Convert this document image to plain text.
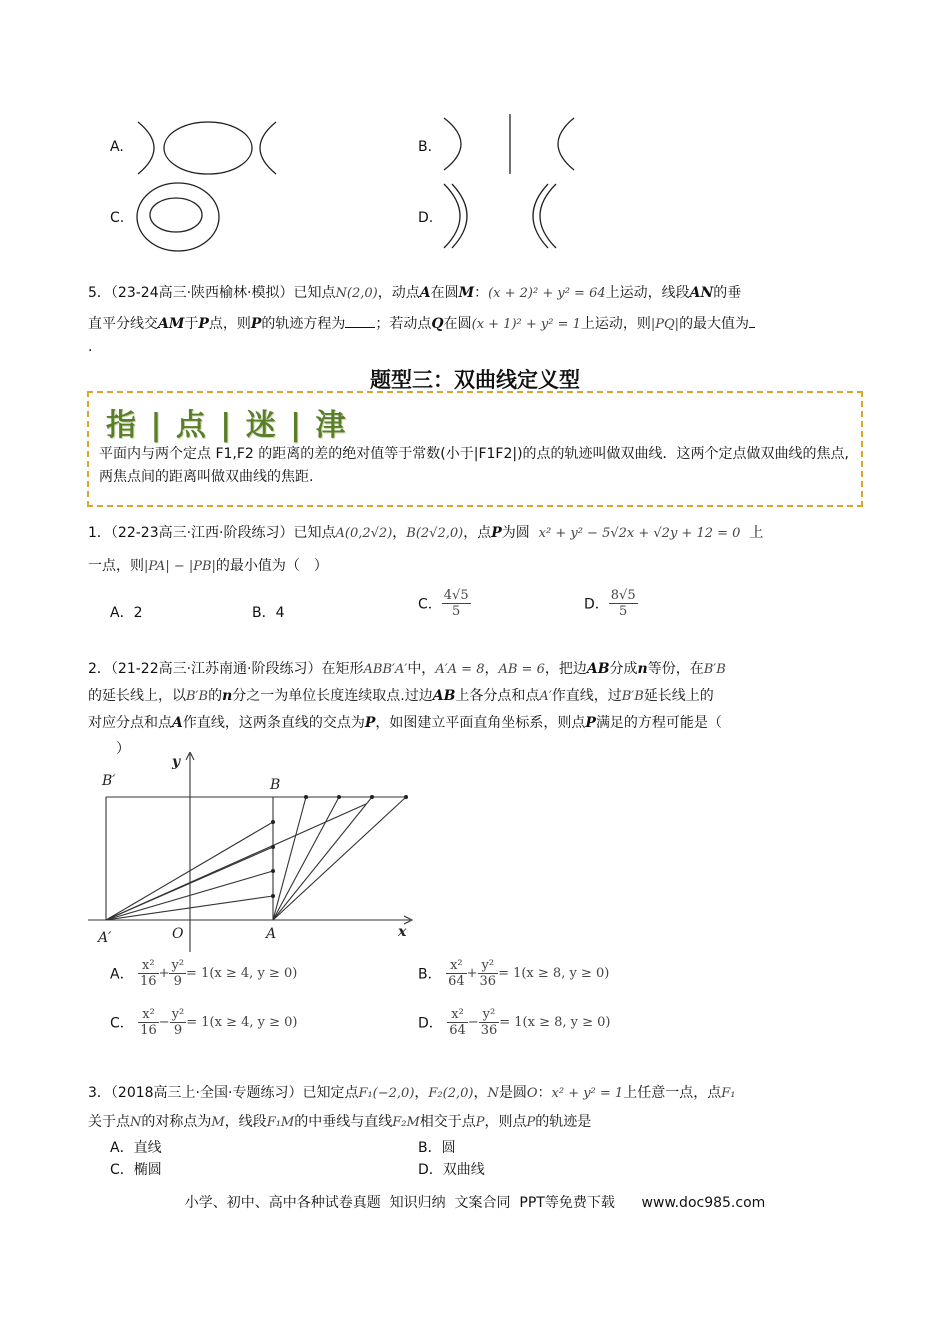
A.	B.
C.	D.
5．（23-24高三·陕西榆林·模拟）已知点N(2,0)，动点A在圆M：(x + 2)² + y² = 64上运动，线段AN的垂
直平分线交AM于P点，则P的轨迹方程为 ；若动点Q在圆(x + 1)² + y² = 1上运动，则|PQ|的最大值为
.
题型三：双曲线定义型
指 | 点 | 迷 | 津
平面内与两个定点 F1,F2 的距离的差的绝对值等于常数(小于|F1F2|)的点的轨迹叫做双曲线．这两个定点做双曲线的焦点,两焦点间的距离叫做双曲线的焦距.
1．（22-23高三·江西·阶段练习）已知点A(0,2√2)，B(2√2,0)，点P为圆 x² + y² − 5√2x + √2y + 12 = 0 上
一点，则|PA| − |PB|的最小值为（　）
A．2	B．4
C． $\frac{4√5}{5}$	D． $\frac{8√5}{5}$
2．（21-22高三·江苏南通·阶段练习）在矩形ABB′A′中，A′A = 8，AB = 6，把边AB分成n等份，在B′B
的延长线上，以B′B的n分之一为单位长度连续取点.过边AB上各分点和点A′作直线，过B′B延长线上的
对应分点和点A作直线，这两条直线的交点为P，如图建立平面直角坐标系，则点P满足的方程可能是（
）
y
x
B′	B
A′	O	A
A． $\frac{\text{x²}}{16} + \frac{\text{y²}}{9} = 1(x \ge 4$, y ≥ 0)	B． $\frac{\text{x²}}{64} + \frac{\text{y²}}{36} = 1(x \ge 8$, y ≥ 0)
C． $\frac{\text{x²}}{16} - \frac{\text{y²}}{9} = 1(x \ge 4$, y ≥ 0)	D． $\frac{\text{x²}}{64} - \frac{\text{y²}}{36} = 1(x \ge 8$, y ≥ 0)
3．（2018高三上·全国·专题练习）已知定点F₁(−2,0)，F₂(2,0)，N是圆O：x² + y² = 1上任意一点，点F₁
关于点N的对称点为M，线段F₁M的中垂线与直线F₂M相交于点P，则点P的轨迹是
A．直线	B．圆
C．椭圆	D．双曲线
小学、初中、高中各种试卷真题  知识归纳  文案合同  PPT等免费下载      www.doc985.com
